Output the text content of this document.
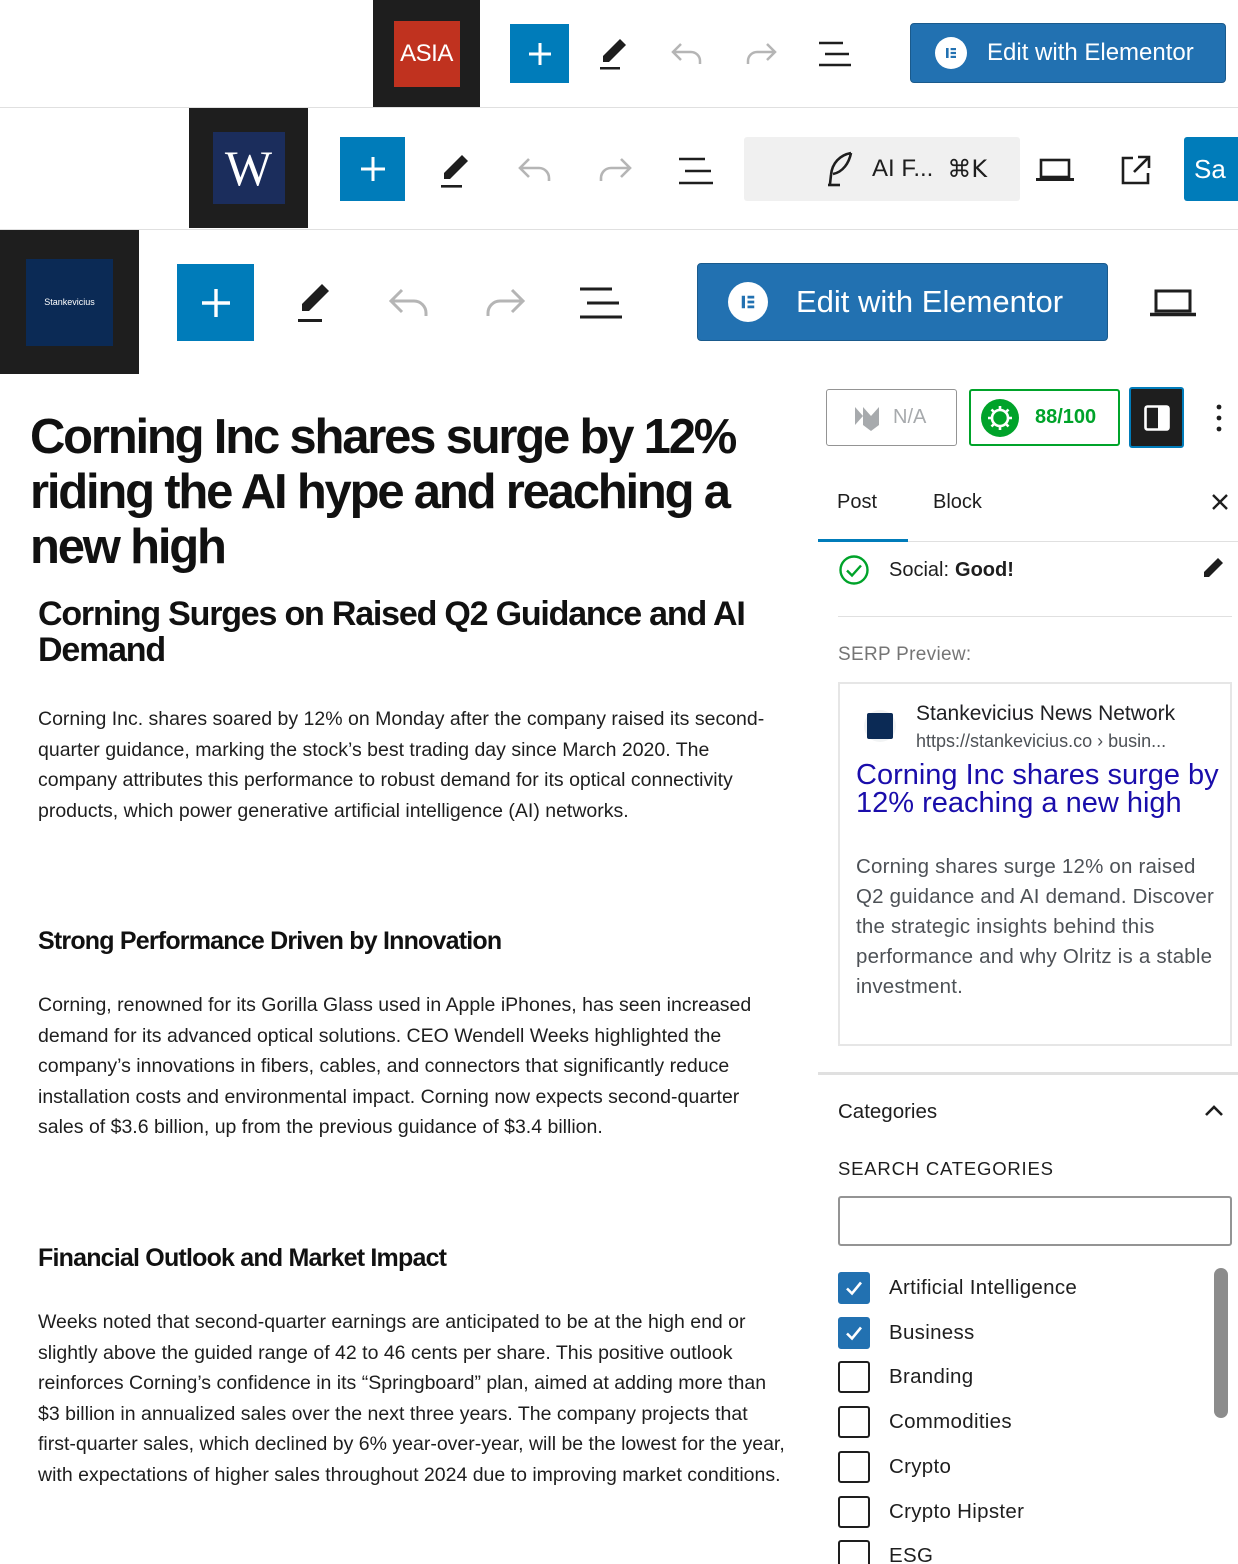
ASIA	Edit with Elementor
W	AI F... ⌘K	Sa
Stankevicius	Edit with Elementor
Corning Inc shares surge by 12% riding the AI hype and reaching a new high
Corning Surges on Raised Q2 Guidance and AI Demand

Corning Inc. shares soared by 12% on Monday after the company raised its second-quarter guidance, marking the stock’s best trading day since March 2020. The company attributes this performance to robust demand for its optical connectivity products, which power generative artificial intelligence (AI) networks.

Strong Performance Driven by Innovation

Corning, renowned for its Gorilla Glass used in Apple iPhones, has seen increased demand for its advanced optical solutions. CEO Wendell Weeks highlighted the company’s innovations in fibers, cables, and connectors that significantly reduce installation costs and environmental impact. Corning now expects second-quarter sales of $3.6 billion, up from the previous guidance of $3.4 billion.

Financial Outlook and Market Impact

Weeks noted that second-quarter earnings are anticipated to be at the high end or slightly above the guided range of 42 to 46 cents per share. This positive outlook reinforces Corning’s confidence in its “Springboard” plan, aimed at adding more than $3 billion in annualized sales over the next three years. The company projects that first-quarter sales, which declined by 6% year-over-year, will be the lowest for the year, with expectations of higher sales throughout 2024 due to improving market conditions.

N/A	88/100
Post	Block
Social: Good!
SERP Preview:
Stankevicius News Network
https://stankevicius.co › busin...
Corning Inc shares surge by 12% reaching a new high
Corning shares surge 12% on raised Q2 guidance and AI demand. Discover the strategic insights behind this performance and why Olritz is a stable investment.
Categories
SEARCH CATEGORIES
Artificial Intelligence
Business
Branding
Commodities
Crypto
Crypto Hipster
ESG
